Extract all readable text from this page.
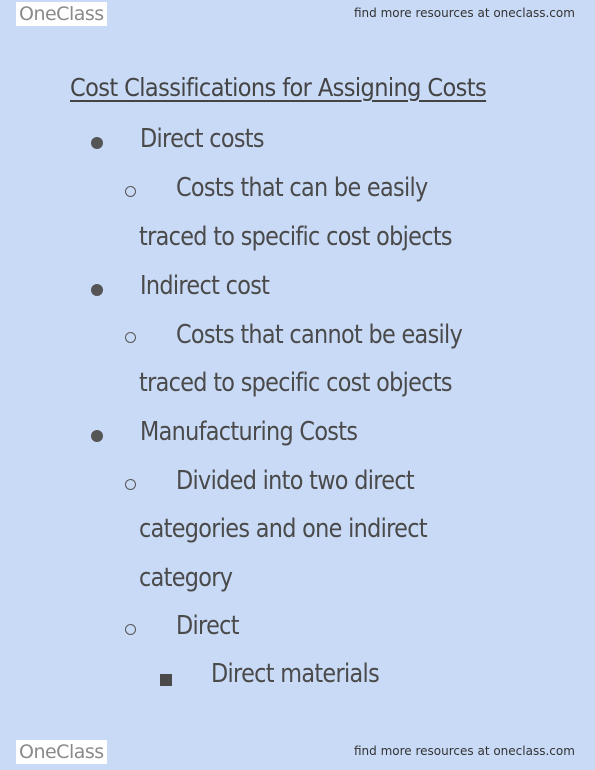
OneClass	find more resources at oneclass.com
Cost Classifications for Assigning Costs
Direct costs
Costs that can be easily
traced to specific cost objects
Indirect cost
Costs that cannot be easily
traced to specific cost objects
Manufacturing Costs
Divided into two direct
categories and one indirect
category
Direct
Direct materials
OneClass	find more resources at oneclass.com
